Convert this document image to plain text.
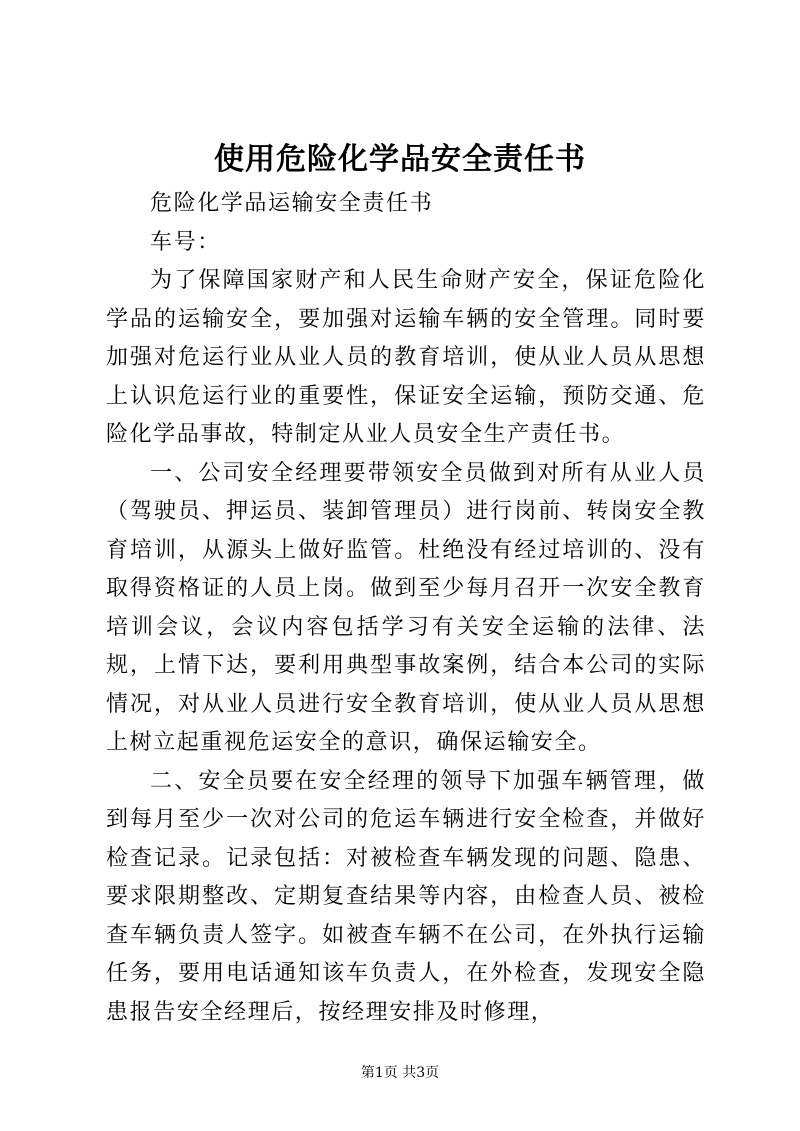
使用危险化学品安全责任书

危险化学品运输安全责任书

车号：

为了保障国家财产和人民生命财产安全，保证危险化学品的运输安全，要加强对运输车辆的安全管理。同时要加强对危运行业从业人员的教育培训，使从业人员从思想上认识危运行业的重要性，保证安全运输，预防交通、危险化学品事故，特制定从业人员安全生产责任书。

一、公司安全经理要带领安全员做到对所有从业人员（驾驶员、押运员、装卸管理员）进行岗前、转岗安全教育培训，从源头上做好监管。杜绝没有经过培训的、没有取得资格证的人员上岗。做到至少每月召开一次安全教育培训会议，会议内容包括学习有关安全运输的法律、法规，上情下达，要利用典型事故案例，结合本公司的实际情况，对从业人员进行安全教育培训，使从业人员从思想上树立起重视危运安全的意识，确保运输安全。

二、安全员要在安全经理的领导下加强车辆管理，做到每月至少一次对公司的危运车辆进行安全检查，并做好检查记录。记录包括：对被检查车辆发现的问题、隐患、要求限期整改、定期复查结果等内容，由检查人员、被检查车辆负责人签字。如被查车辆不在公司，在外执行运输任务，要用电话通知该车负责人，在外检查，发现安全隐患报告安全经理后，按经理安排及时修理，

第1页 共3页
